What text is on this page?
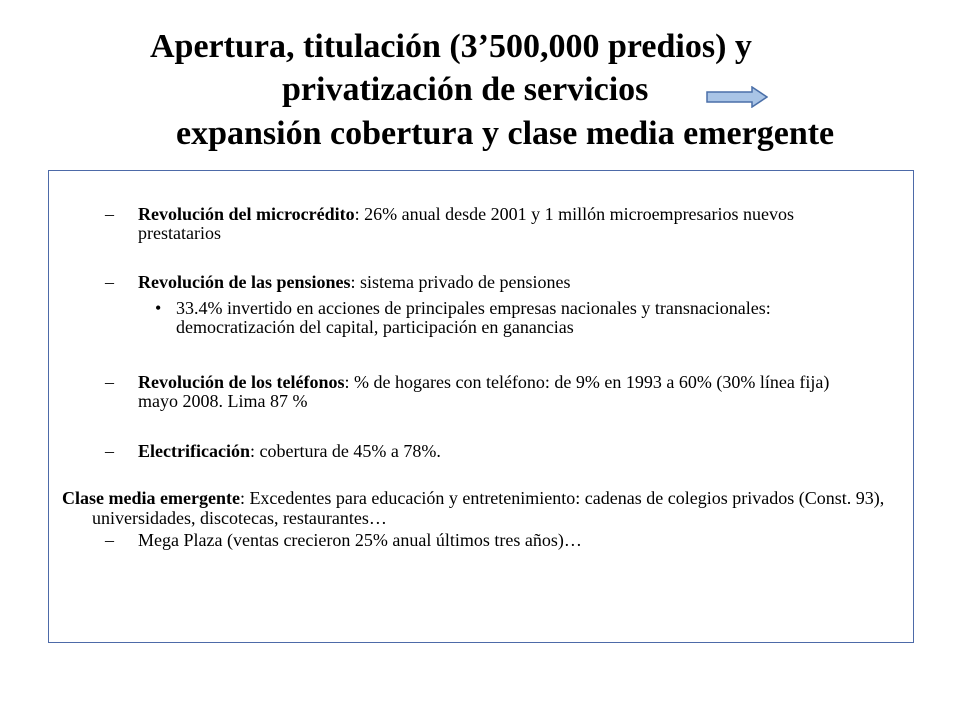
Apertura, titulación (3’500,000 predios) y
privatización de servicios
expansión cobertura y clase media emergente
– Revolución del microcrédito: 26% anual desde 2001 y 1 millón microempresarios nuevos prestatarios
– Revolución de las pensiones: sistema privado de pensiones
• 33.4% invertido en acciones de principales empresas nacionales y transnacionales: democratización del capital, participación en ganancias
– Revolución de los teléfonos: % de hogares con teléfono: de 9% en 1993 a 60% (30% línea fija) mayo 2008. Lima 87 %
– Electrificación: cobertura de 45% a 78%.
Clase media emergente: Excedentes para educación y entretenimiento: cadenas de colegios privados (Const. 93), universidades, discotecas, restaurantes…
– Mega Plaza (ventas crecieron 25% anual últimos tres años)…
